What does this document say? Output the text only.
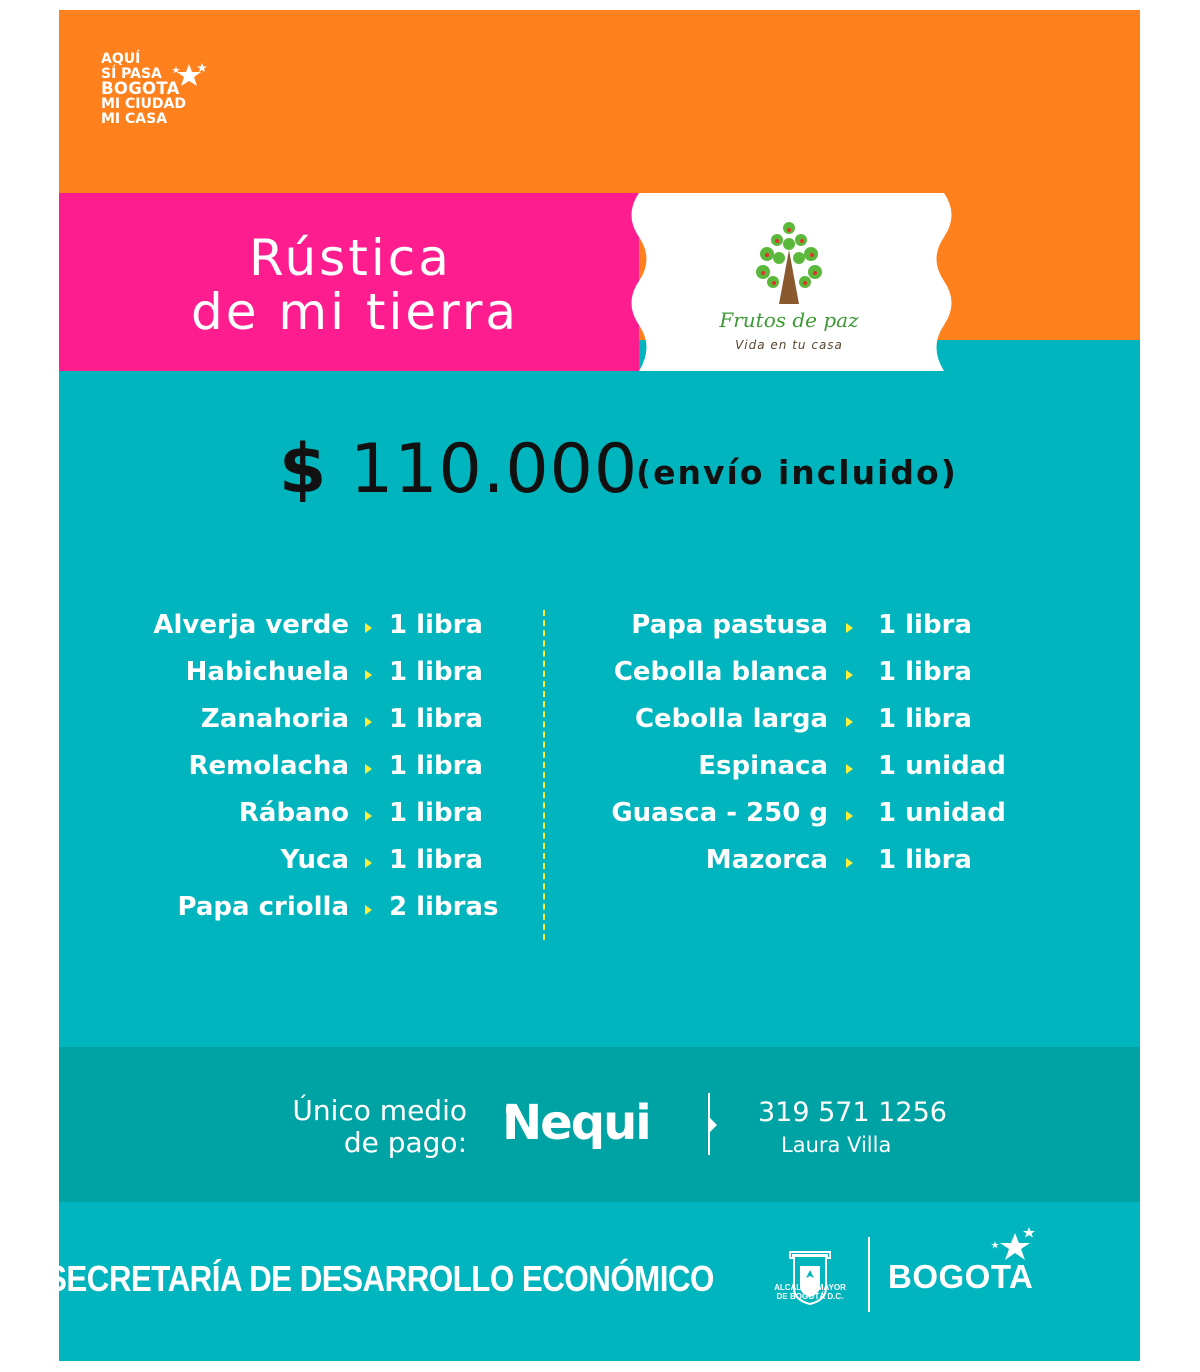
AQUÍ
SÍ PASA
BOGOTA
MI CIUDAD
MI CASA
Rústica
de mi tierra	Frutos de paz
Vida en tu casa
$ 110.000
(envío incluido)
Alverja verde 1 libra
Habichuela 1 libra
Zanahoria 1 libra
Remolacha 1 libra
Rábano 1 libra
Yuca 1 libra
Papa criolla 2 libras
Papa pastusa 1 libra
Cebolla blanca 1 libra
Cebolla larga 1 libra
Espinaca 1 unidad
Guasca - 250 g 1 unidad
Mazorca 1 libra
Único medio
de pago: Nequi	319 571 1256
Laura Villa
SECRETARÍA DE DESARROLLO ECONÓMICO	ALCALDÍA MAYOR
DE BOGOTÁ D.C.
BOGOTA
